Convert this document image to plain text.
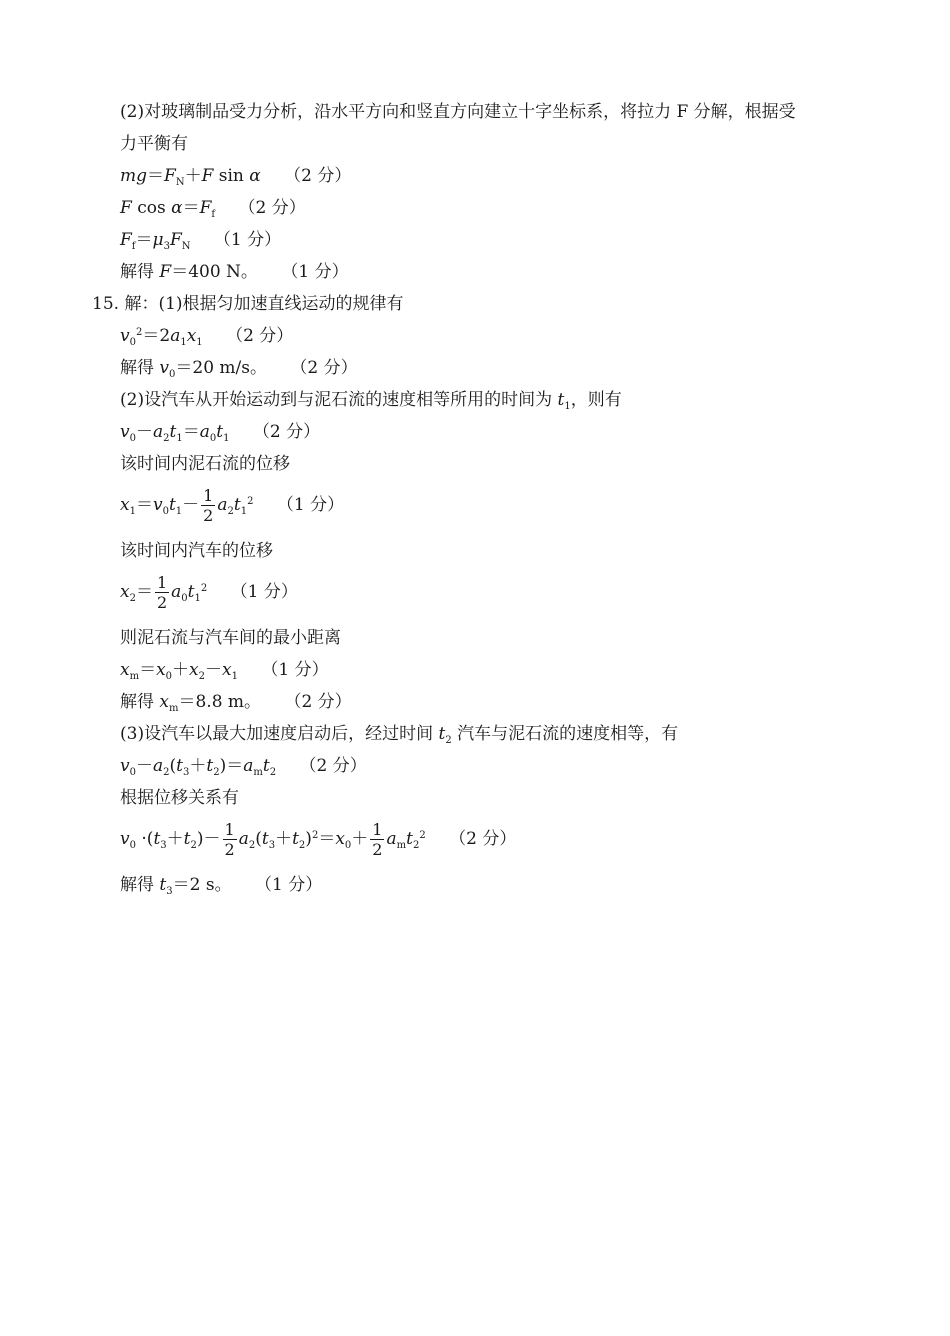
(2)对玻璃制品受力分析，沿水平方向和竖直方向建立十字坐标系，将拉力 F 分解，根据受
力平衡有
$mg=F_N+F$ sin α （2 分）
F $\cos \alpha=F_f$ （2 分）
$F_f=\mu_3F_N$ （1 分）
解得 F＝400 N。 （1 分）
15. 解：(1)根据匀加速直线运动的规律有
$v_0^2=2a_1x_1$ （2 分）
解得 $v_0=20$ m/s。 （2 分）
(2)设汽车从开始运动到与泥石流的速度相等所用的时间为 $t_1$，则有
$v_0-a_2t_1=a_0t_1$ （2 分）
该时间内泥石流的位移
$x_1=v_0t_1- \frac{1}{2} a_2t_1^2$ （1 分）
该时间内汽车的位移
$x_2= \frac{1}{2} a_0t_1^2$ （1 分）
则泥石流与汽车间的最小距离
$x_m=x_0+x_2-x_1$ （1 分）
解得 $x_m=8.8$ m。 （2 分）
(3)设汽车以最大加速度启动后，经过时间 $t_2$ 汽车与泥石流的速度相等，有
$v_0-a_2(t_3+t_2)=a_mt_2$ （2 分）
根据位移关系有
$v_0 \cdot(t_3+t_2)- \frac{1}{2} a_2(t_3+t_2)^2=x_0+ \frac{1}{2} a_mt_2^2$ （2 分）
解得 $t_3=2$ s。 （1 分）
